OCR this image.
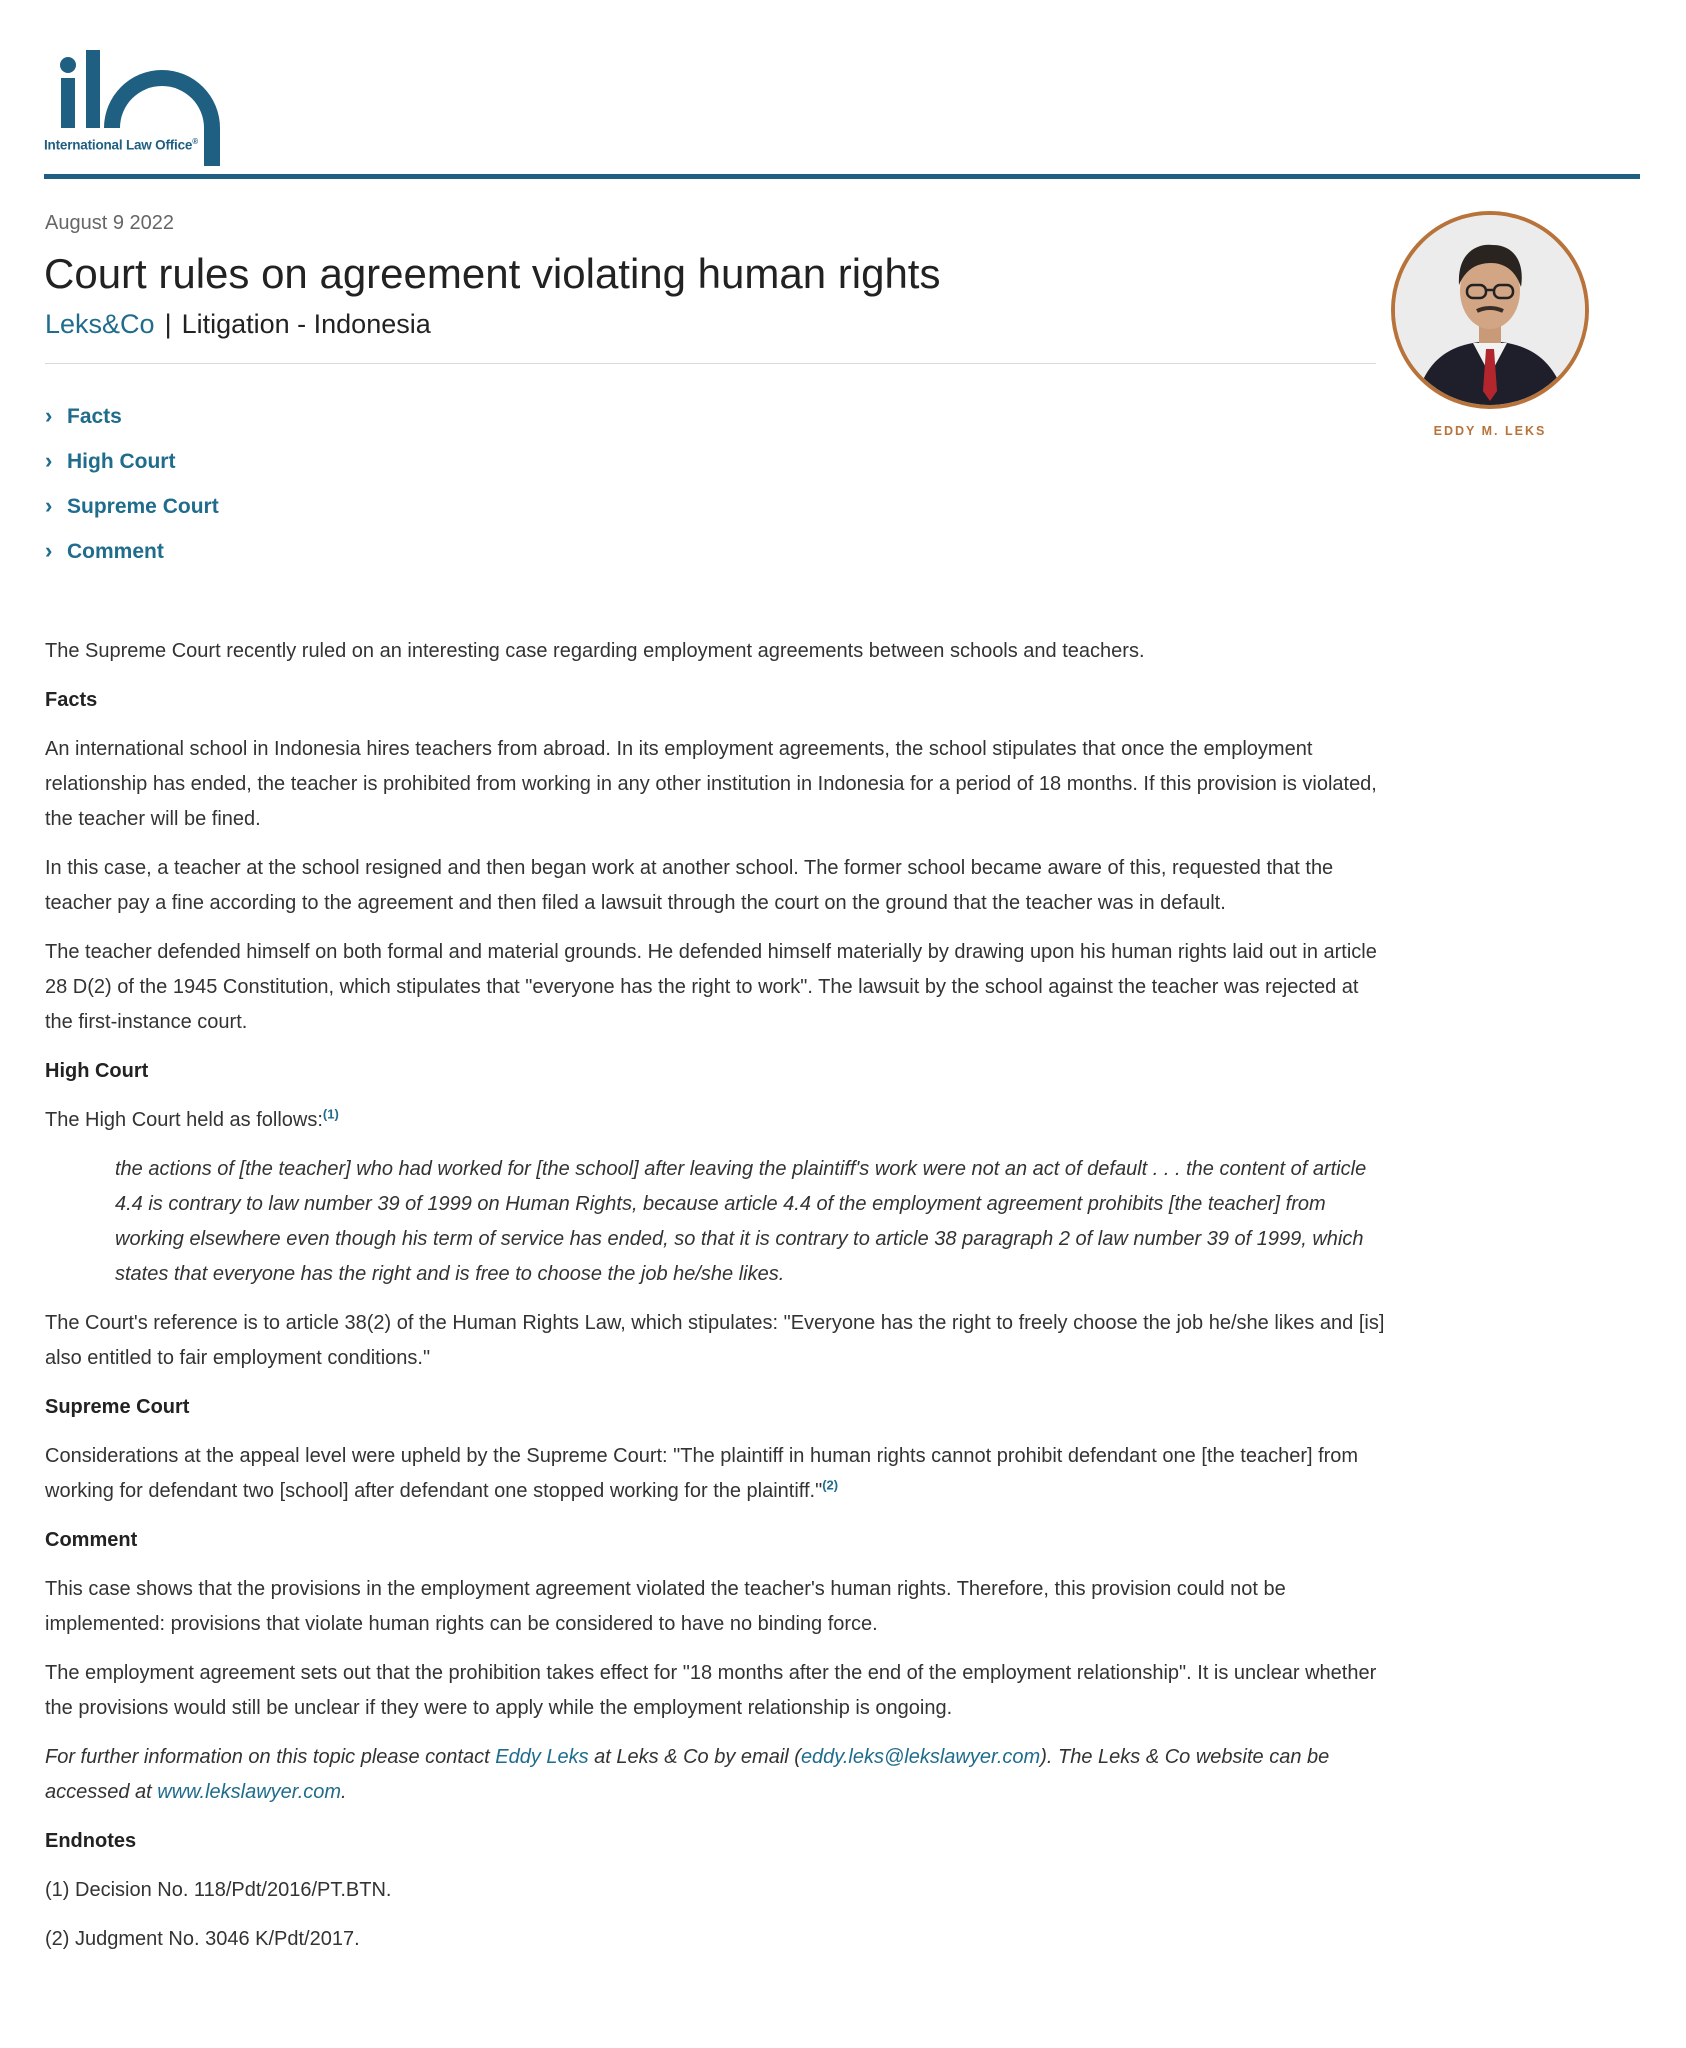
International Law Office®
August 9 2022
Court rules on agreement violating human rights
Leks&Co | Litigation - Indonesia
EDDY M. LEKS
› Facts
› High Court
› Supreme Court
› Comment

The Supreme Court recently ruled on an interesting case regarding employment agreements between schools and teachers.

Facts

An international school in Indonesia hires teachers from abroad. In its employment agreements, the school stipulates that once the employment relationship has ended, the teacher is prohibited from working in any other institution in Indonesia for a period of 18 months. If this provision is violated, the teacher will be fined.

In this case, a teacher at the school resigned and then began work at another school. The former school became aware of this, requested that the teacher pay a fine according to the agreement and then filed a lawsuit through the court on the ground that the teacher was in default.

The teacher defended himself on both formal and material grounds. He defended himself materially by drawing upon his human rights laid out in article 28 D(2) of the 1945 Constitution, which stipulates that "everyone has the right to work". The lawsuit by the school against the teacher was rejected at the first-instance court.

High Court

The High Court held as follows:$^{(1)}$

the actions of [the teacher] who had worked for [the school] after leaving the plaintiff's work were not an act of default . . . the content of article 4.4 is contrary to law number 39 of 1999 on Human Rights, because article 4.4 of the employment agreement prohibits [the teacher] from working elsewhere even though his term of service has ended, so that it is contrary to article 38 paragraph 2 of law number 39 of 1999, which states that everyone has the right and is free to choose the job he/she likes.

The Court's reference is to article 38(2) of the Human Rights Law, which stipulates: "Everyone has the right to freely choose the job he/she likes and [is] also entitled to fair employment conditions."

Supreme Court

Considerations at the appeal level were upheld by the Supreme Court: "The plaintiff in human rights cannot prohibit defendant one [the teacher] from working for defendant two [school] after defendant one stopped working for the plaintiff."$^{(2)}$

Comment

This case shows that the provisions in the employment agreement violated the teacher's human rights. Therefore, this provision could not be implemented: provisions that violate human rights can be considered to have no binding force.

The employment agreement sets out that the prohibition takes effect for "18 months after the end of the employment relationship". It is unclear whether the provisions would still be unclear if they were to apply while the employment relationship is ongoing.

For further information on this topic please contact Eddy Leks at Leks & Co by email (eddy.leks@lekslawyer.com). The Leks & Co website can be accessed at www.lekslawyer.com.

Endnotes

(1) Decision No. 118/Pdt/2016/PT.BTN.

(2) Judgment No. 3046 K/Pdt/2017.
